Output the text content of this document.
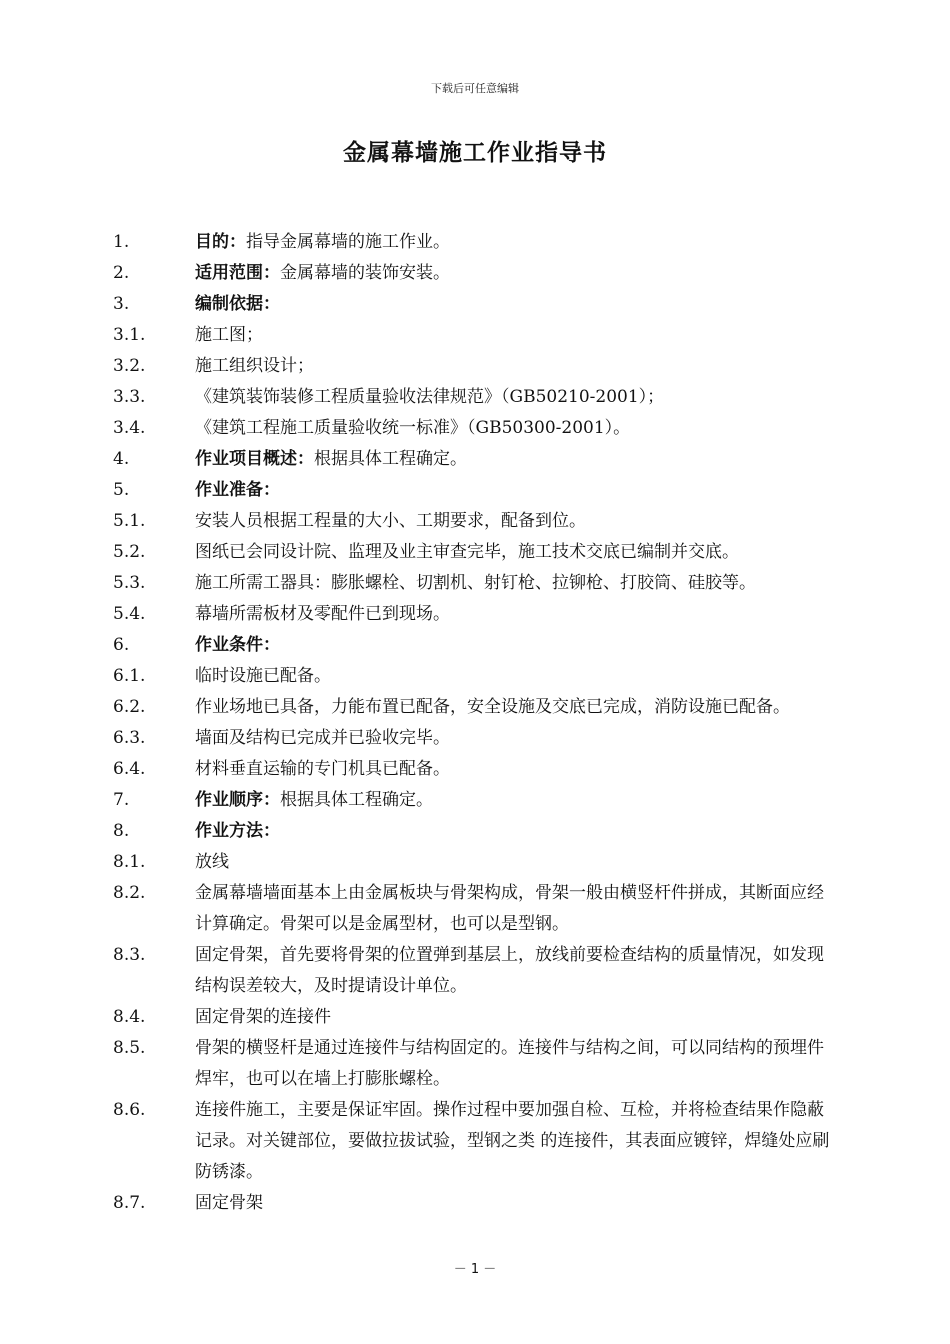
下载后可任意编辑
金属幕墙施工作业指导书
1.	目的：指导金属幕墙的施工作业。
2.	适用范围：金属幕墙的装饰安装。
3.	编制依据：
3.1.	施工图；
3.2.	施工组织设计；
3.3.	《建筑装饰装修工程质量验收法律规范》（GB50210-2001）；
3.4.	《建筑工程施工质量验收统一标准》（GB50300-2001）。
4.	作业项目概述：根据具体工程确定。
5.	作业准备：
5.1.	安装人员根据工程量的大小、工期要求，配备到位。
5.2.	图纸已会同设计院、监理及业主审查完毕，施工技术交底已编制并交底。
5.3.	施工所需工器具：膨胀螺栓、切割机、射钉枪、拉铆枪、打胶筒、硅胶等。
5.4.	幕墙所需板材及零配件已到现场。
6.	作业条件：
6.1.	临时设施已配备。
6.2.	作业场地已具备，力能布置已配备，安全设施及交底已完成，消防设施已配备。
6.3.	墙面及结构已完成并已验收完毕。
6.4.	材料垂直运输的专门机具已配备。
7.	作业顺序：根据具体工程确定。
8.	作业方法：
8.1.	放线
8.2.	金属幕墙墙面基本上由金属板块与骨架构成，骨架一般由横竖杆件拼成，其断面应经计算确定。骨架可以是金属型材，也可以是型钢。
8.3.	固定骨架，首先要将骨架的位置弹到基层上，放线前要检查结构的质量情况，如发现结构误差较大，及时提请设计单位。
8.4.	固定骨架的连接件
8.5.	骨架的横竖杆是通过连接件与结构固定的。连接件与结构之间，可以同结构的预埋件焊牢，也可以在墙上打膨胀螺栓。
8.6.	连接件施工，主要是保证牢固。操作过程中要加强自检、互检，并将检查结果作隐蔽记录。对关键部位，要做拉拔试验，型钢之类 的连接件，其表面应镀锌，焊缝处应刷防锈漆。
8.7.	固定骨架
－ 1 －
